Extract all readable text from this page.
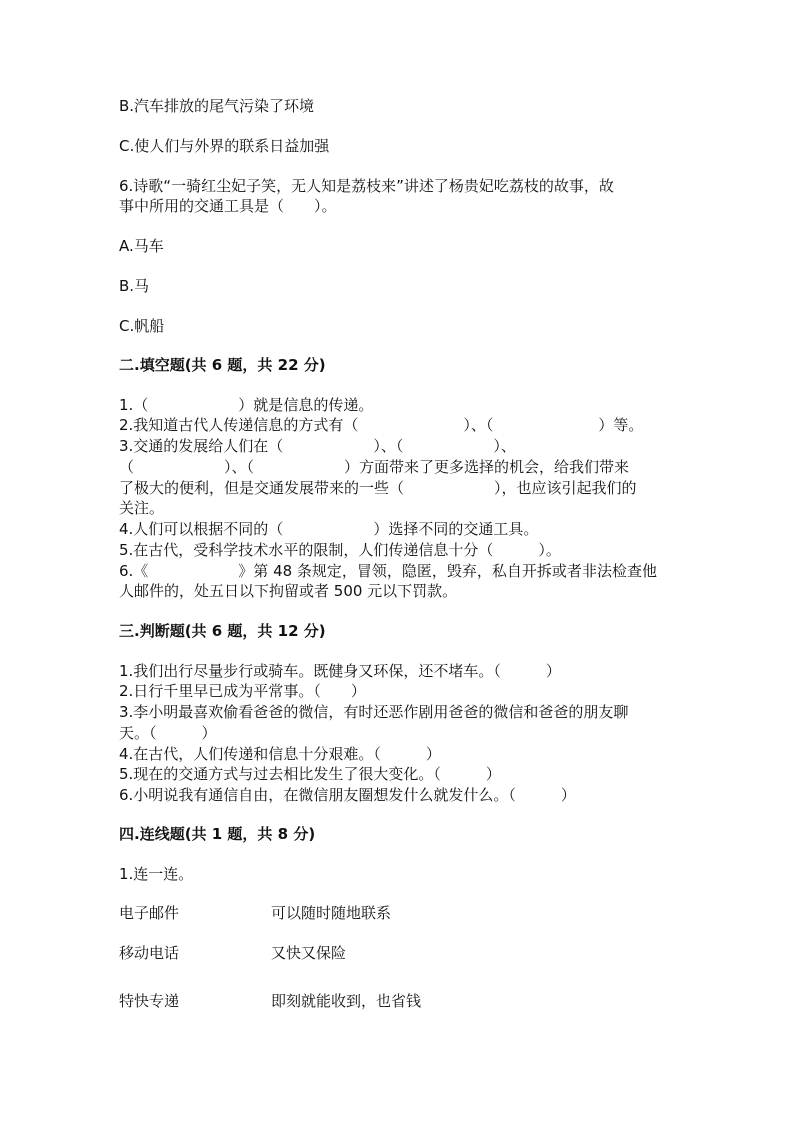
B.汽车排放的尾气污染了环境
C.使人们与外界的联系日益加强
6.诗歌“一骑红尘妃子笑，无人知是荔枝来”讲述了杨贵妃吃荔枝的故事，故
事中所用的交通工具是（　　）。
A.马车
B.马
C.帆船
二.填空题(共 6 题，共 22 分)
1.（　　　　　　）就是信息的传递。
2.我知道古代人传递信息的方式有（　　　　　　　）、（　　　　　　　）等。
3.交通的发展给人们在（　　　　　　）、（　　　　　　）、
（　　　　　　）、（　　　　　　）方面带来了更多选择的机会，给我们带来
了极大的便利，但是交通发展带来的一些（　　　　　　），也应该引起我们的
关注。
4.人们可以根据不同的（　　　　　　）选择不同的交通工具。
5.在古代，受科学技术水平的限制，人们传递信息十分（　　　）。
6.《　　　　　　》第 48 条规定，冒领，隐匿，毁弃，私自开拆或者非法检查他
人邮件的，处五日以下拘留或者 500 元以下罚款。
三.判断题(共 6 题，共 12 分)
1.我们出行尽量步行或骑车。既健身又环保，还不堵车。（　　　）
2.日行千里早已成为平常事。（　　）
3.李小明最喜欢偷看爸爸的微信，有时还恶作剧用爸爸的微信和爸爸的朋友聊
天。（　　　）
4.在古代，人们传递和信息十分艰难。（　　　）
5.现在的交通方式与过去相比发生了很大变化。（　　　）
6.小明说我有通信自由，在微信朋友圈想发什么就发什么。（　　　）
四.连线题(共 1 题，共 8 分)
1.连一连。
电子邮件	可以随时随地联系
移动电话	又快又保险
特快专递	即刻就能收到，也省钱
